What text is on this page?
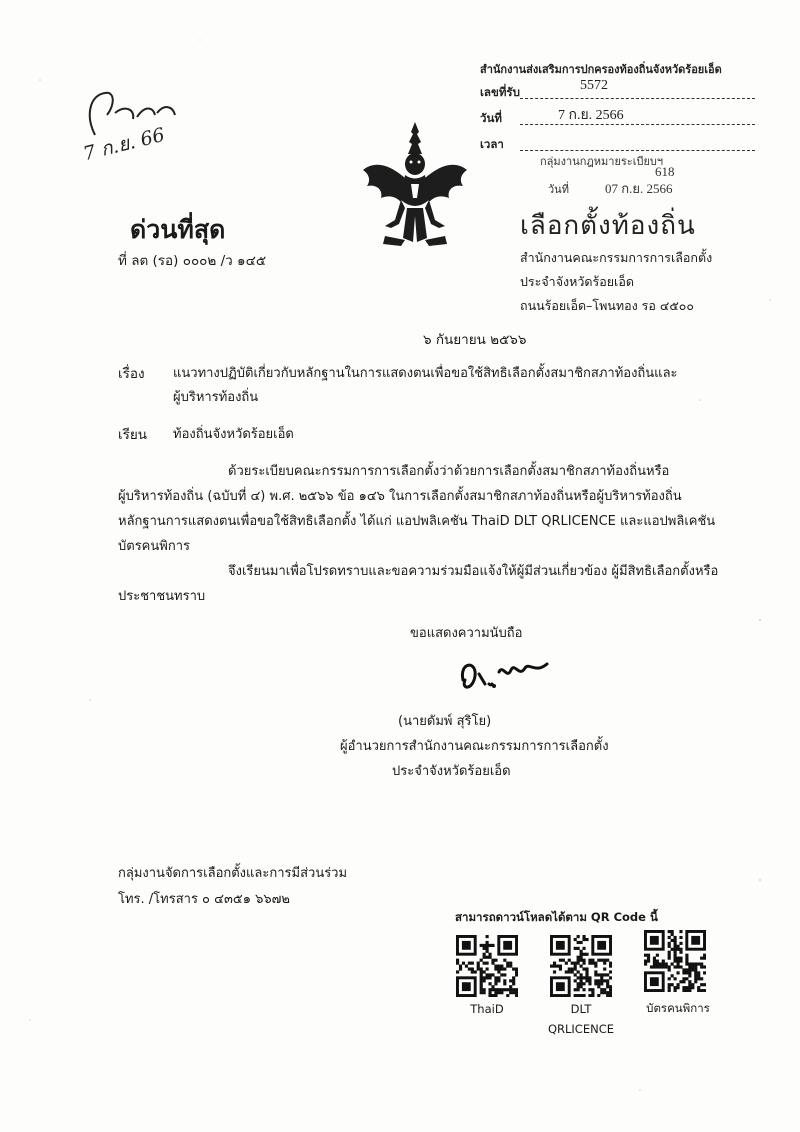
7 ก.ย. 66
สำนักงานส่งเสริมการปกครองท้องถิ่นจังหวัดร้อยเอ็ด
เลขที่รับ	5572
วันที่	7 ก.ย. 2566
เวลา
กลุ่มงานกฎหมายระเบียบฯ
618
วันที่	07 ก.ย. 2566
ด่วนที่สุด
ที่ ลต (รอ) ๐๐๐๒ /ว ๑๔๕
เลือกตั้งท้องถิ่น
สำนักงานคณะกรรมการการเลือกตั้ง
ประจำจังหวัดร้อยเอ็ด
ถนนร้อยเอ็ด–โพนทอง รอ ๔๕๐๐
๖ กันยายน ๒๕๖๖
เรื่อง แนวทางปฏิบัติเกี่ยวกับหลักฐานในการแสดงตนเพื่อขอใช้สิทธิเลือกตั้งสมาชิกสภาท้องถิ่นและ
ผู้บริหารท้องถิ่น
เรียน ท้องถิ่นจังหวัดร้อยเอ็ด
ด้วยระเบียบคณะกรรมการการเลือกตั้งว่าด้วยการเลือกตั้งสมาชิกสภาท้องถิ่นหรือ
ผู้บริหารท้องถิ่น (ฉบับที่ ๔) พ.ศ. ๒๕๖๖ ข้อ ๑๔๖ ในการเลือกตั้งสมาชิกสภาท้องถิ่นหรือผู้บริหารท้องถิ่น
หลักฐานการแสดงตนเพื่อขอใช้สิทธิเลือกตั้ง ได้แก่ แอปพลิเคชัน ThaiD DLT QRLICENCE และแอปพลิเคชัน
บัตรคนพิการ
จึงเรียนมาเพื่อโปรดทราบและขอความร่วมมือแจ้งให้ผู้มีส่วนเกี่ยวข้อง ผู้มีสิทธิเลือกตั้งหรือ
ประชาชนทราบ
ขอแสดงความนับถือ
(นายดัมพ์ สุริโย)
ผู้อำนวยการสำนักงานคณะกรรมการการเลือกตั้ง
ประจำจังหวัดร้อยเอ็ด
กลุ่มงานจัดการเลือกตั้งและการมีส่วนร่วม
โทร. /โทรสาร ๐ ๔๓๕๑ ๖๖๗๒
สามารถดาวน์โหลดได้ตาม QR Code นี้
ThaiD	DLT
QRLICENCE
บัตรคนพิการ
